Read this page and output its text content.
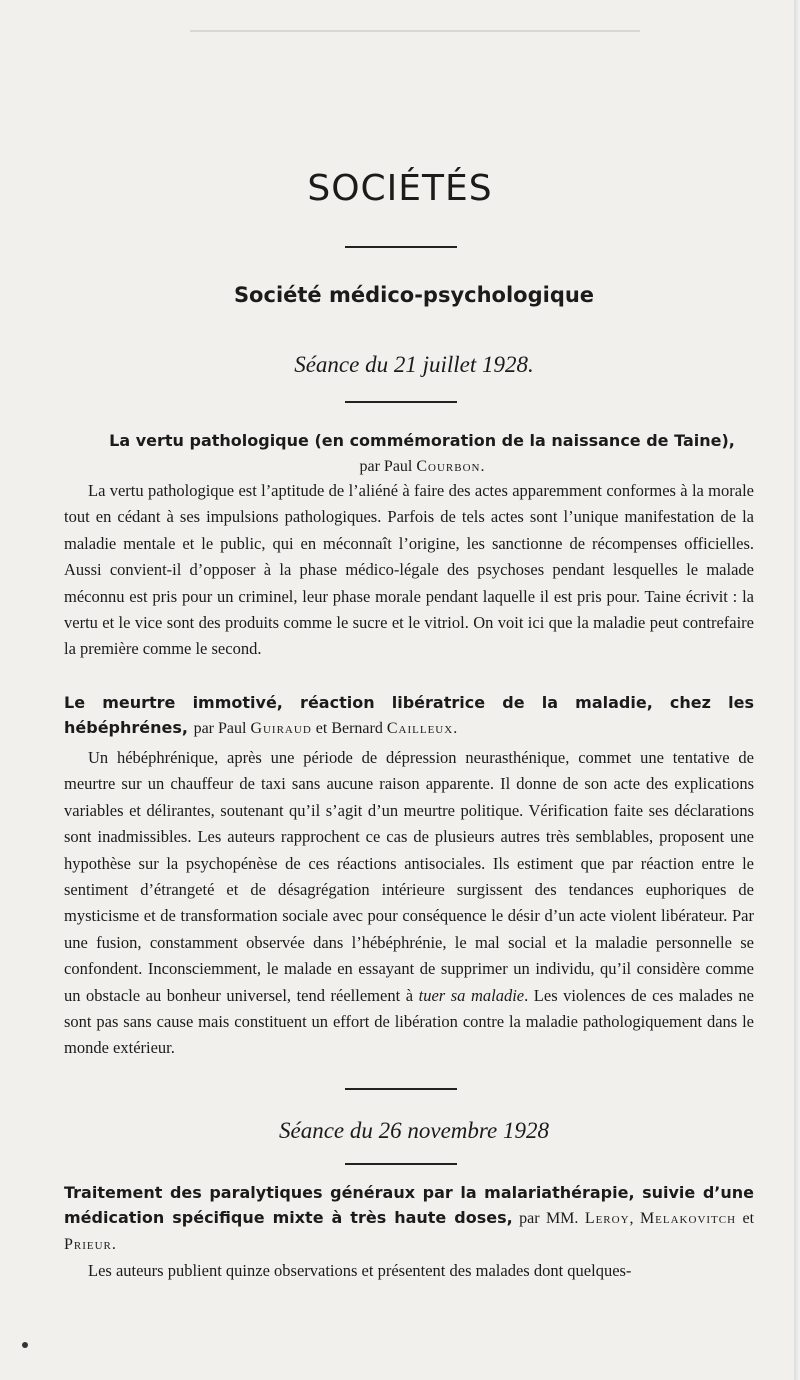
SOCIÉTÉS
Société médico-psychologique
Séance du 21 juillet 1928.
La vertu pathologique (en commémoration de la naissance de Taine),
par Paul Courbon.

La vertu pathologique est l’aptitude de l’aliéné à faire des actes apparemment conformes à la morale tout en cédant à ses impulsions pathologiques. Parfois de tels actes sont l’unique manifestation de la maladie mentale et le public, qui en méconnaît l’origine, les sanctionne de récompenses officielles. Aussi convient-il d’opposer à la phase médico-légale des psychoses pendant lesquelles le malade méconnu est pris pour un criminel, leur phase morale pendant laquelle il est pris pour. Taine écrivit : la vertu et le vice sont des produits comme le sucre et le vitriol. On voit ici que la maladie peut contrefaire la première comme le second.

Le meurtre immotivé, réaction libératrice de la maladie, chez les hébéphrénes, par Paul Guiraud et Bernard Cailleux.

Un hébéphrénique, après une période de dépression neurasthénique, commet une tentative de meurtre sur un chauffeur de taxi sans aucune raison apparente. Il donne de son acte des explications variables et délirantes, soutenant qu’il s’agit d’un meurtre politique. Vérification faite ses déclarations sont inadmissibles. Les auteurs rapprochent ce cas de plusieurs autres très semblables, proposent une hypothèse sur la psychopénèse de ces réactions antisociales. Ils estiment que par réaction entre le sentiment d’étrangeté et de désagrégation intérieure surgissent des tendances euphoriques de mysticisme et de transformation sociale avec pour conséquence le désir d’un acte violent libérateur. Par une fusion, constamment observée dans l’hébéphrénie, le mal social et la maladie personnelle se confondent. Inconsciemment, le malade en essayant de supprimer un individu, qu’il considère comme un obstacle au bonheur universel, tend réellement à tuer sa maladie. Les violences de ces malades ne sont pas sans cause mais constituent un effort de libération contre la maladie pathologiquement dans le monde extérieur.

Séance du 26 novembre 1928
Traitement des paralytiques généraux par la malariathérapie, suivie d’une médication spécifique mixte à très haute doses, par MM. Leroy, Melakovitch et Prieur.

Les auteurs publient quinze observations et présentent des malades dont quelques-
